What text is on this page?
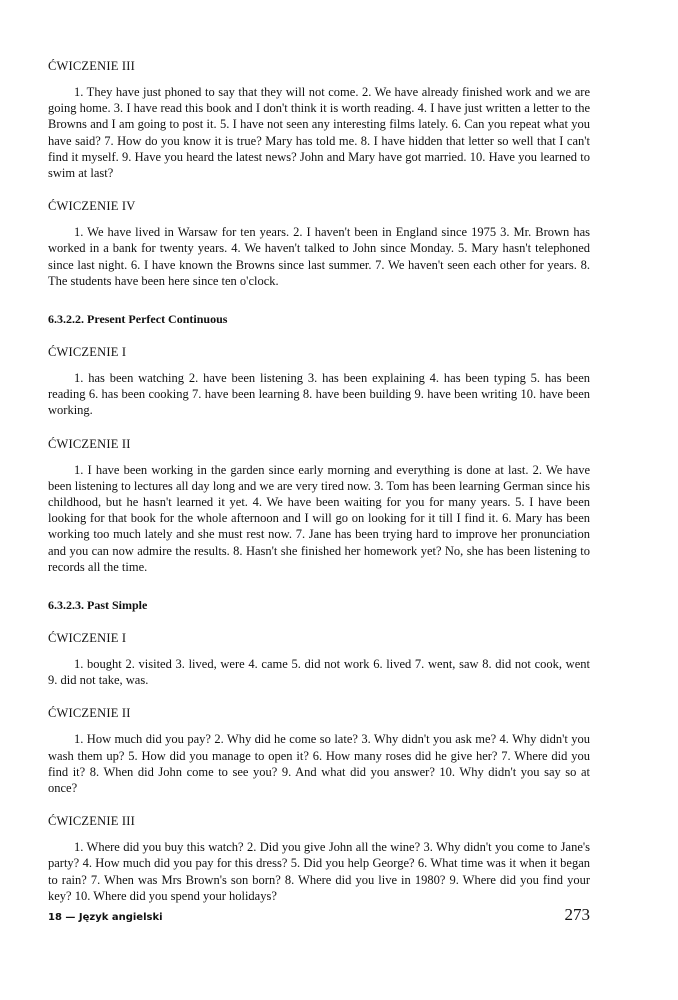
ĆWICZENIE III

1. They have just phoned to say that they will not come. 2. We have already finished work and we are going home. 3. I have read this book and I don't think it is worth reading. 4. I have just written a letter to the Browns and I am going to post it. 5. I have not seen any interesting films lately. 6. Can you repeat what you have said? 7. How do you know it is true? Mary has told me. 8. I have hidden that letter so well that I can't find it myself. 9. Have you heard the latest news? John and Mary have got married. 10. Have you learned to swim at last?

ĆWICZENIE IV

1. We have lived in Warsaw for ten years. 2. I haven't been in England since 1975 3. Mr. Brown has worked in a bank for twenty years. 4. We haven't talked to John since Monday. 5. Mary hasn't telephoned since last night. 6. I have known the Browns since last summer. 7. We haven't seen each other for years. 8. The students have been here since ten o'clock.

6.3.2.2. Present Perfect Continuous

ĆWICZENIE I

1. has been watching 2. have been listening 3. has been explaining 4. has been typing 5. has been reading 6. has been cooking 7. have been learning 8. have been building 9. have been writing 10. have been working.

ĆWICZENIE II

1. I have been working in the garden since early morning and everything is done at last. 2. We have been listening to lectures all day long and we are very tired now. 3. Tom has been learning German since his childhood, but he hasn't learned it yet. 4. We have been waiting for you for many years. 5. I have been looking for that book for the whole afternoon and I will go on looking for it till I find it. 6. Mary has been working too much lately and she must rest now. 7. Jane has been trying hard to improve her pronunciation and you can now admire the results. 8. Hasn't she finished her homework yet? No, she has been listening to records all the time.

6.3.2.3. Past Simple

ĆWICZENIE I

1. bought 2. visited 3. lived, were 4. came 5. did not work 6. lived 7. went, saw 8. did not cook, went 9. did not take, was.

ĆWICZENIE II

1. How much did you pay? 2. Why did he come so late? 3. Why didn't you ask me? 4. Why didn't you wash them up? 5. How did you manage to open it? 6. How many roses did he give her? 7. Where did you find it? 8. When did John come to see you? 9. And what did you answer? 10. Why didn't you say so at once?

ĆWICZENIE III

1. Where did you buy this watch? 2. Did you give John all the wine? 3. Why didn't you come to Jane's party? 4. How much did you pay for this dress? 5. Did you help George? 6. What time was it when it began to rain? 7. When was Mrs Brown's son born? 8. Where did you live in 1980? 9. Where did you find your key? 10. Where did you spend your holidays?

18 — Język angielski	273
